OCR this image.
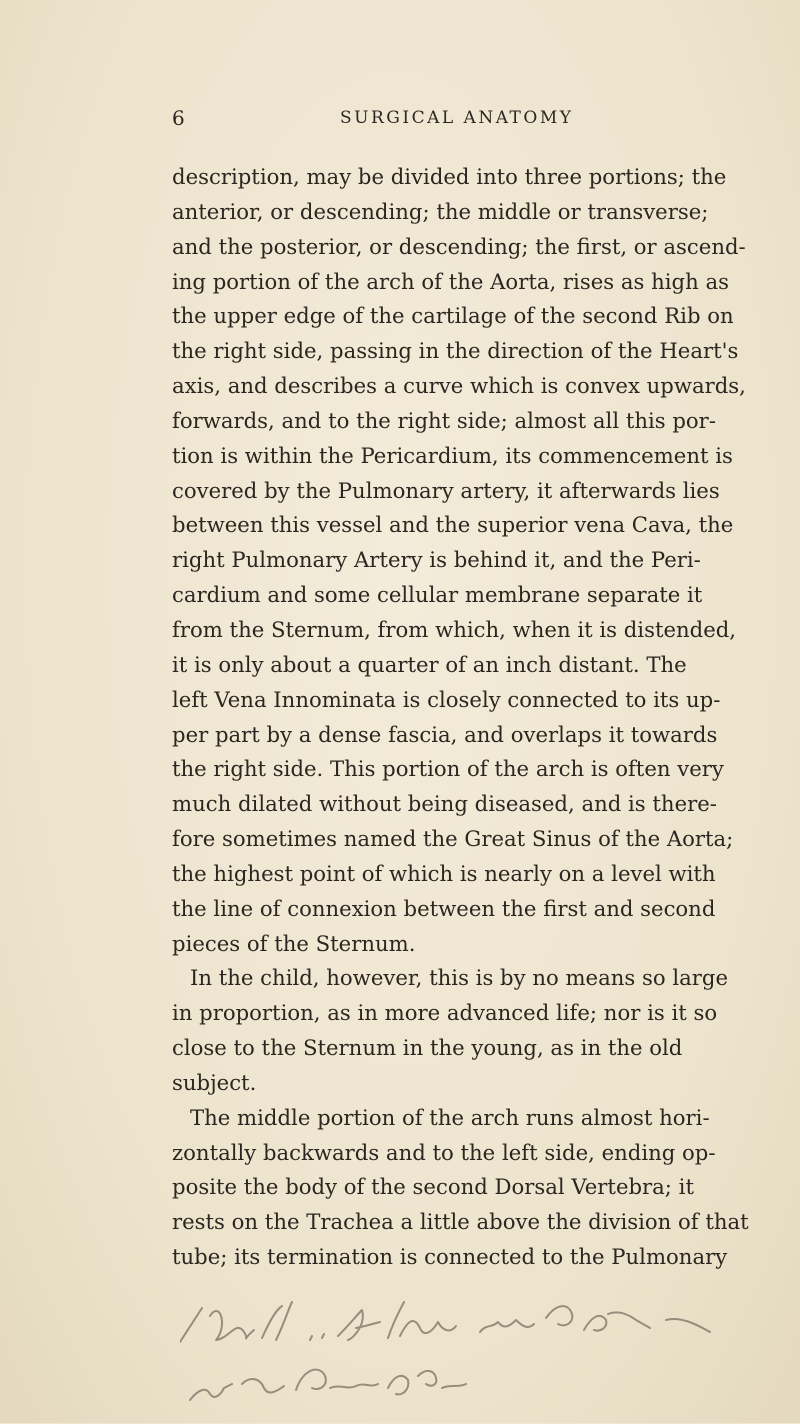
6	SURGICAL ANATOMY
description, may be divided into three portions; the
anterior, or descending; the middle or transverse;
and the posterior, or descending; the first, or ascend-
ing portion of the arch of the Aorta, rises as high as
the upper edge of the cartilage of the second Rib on
the right side, passing in the direction of the Heart's
axis, and describes a curve which is convex upwards,
forwards, and to the right side; almost all this por-
tion is within the Pericardium, its commencement is
covered by the Pulmonary artery, it afterwards lies
between this vessel and the superior vena Cava, the
right Pulmonary Artery is behind it, and the Peri-
cardium and some cellular membrane separate it
from the Sternum, from which, when it is distended,
it is only about a quarter of an inch distant. The
left Vena Innominata is closely connected to its up-
per part by a dense fascia, and overlaps it towards
the right side. This portion of the arch is often very
much dilated without being diseased, and is there-
fore sometimes named the Great Sinus of the Aorta;
the highest point of which is nearly on a level with
the line of connexion between the first and second
pieces of the Sternum.
In the child, however, this is by no means so large
in proportion, as in more advanced life; nor is it so
close to the Sternum in the young, as in the old
subject.
The middle portion of the arch runs almost hori-
zontally backwards and to the left side, ending op-
posite the body of the second Dorsal Vertebra; it
rests on the Trachea a little above the division of that
tube; its termination is connected to the Pulmonary
